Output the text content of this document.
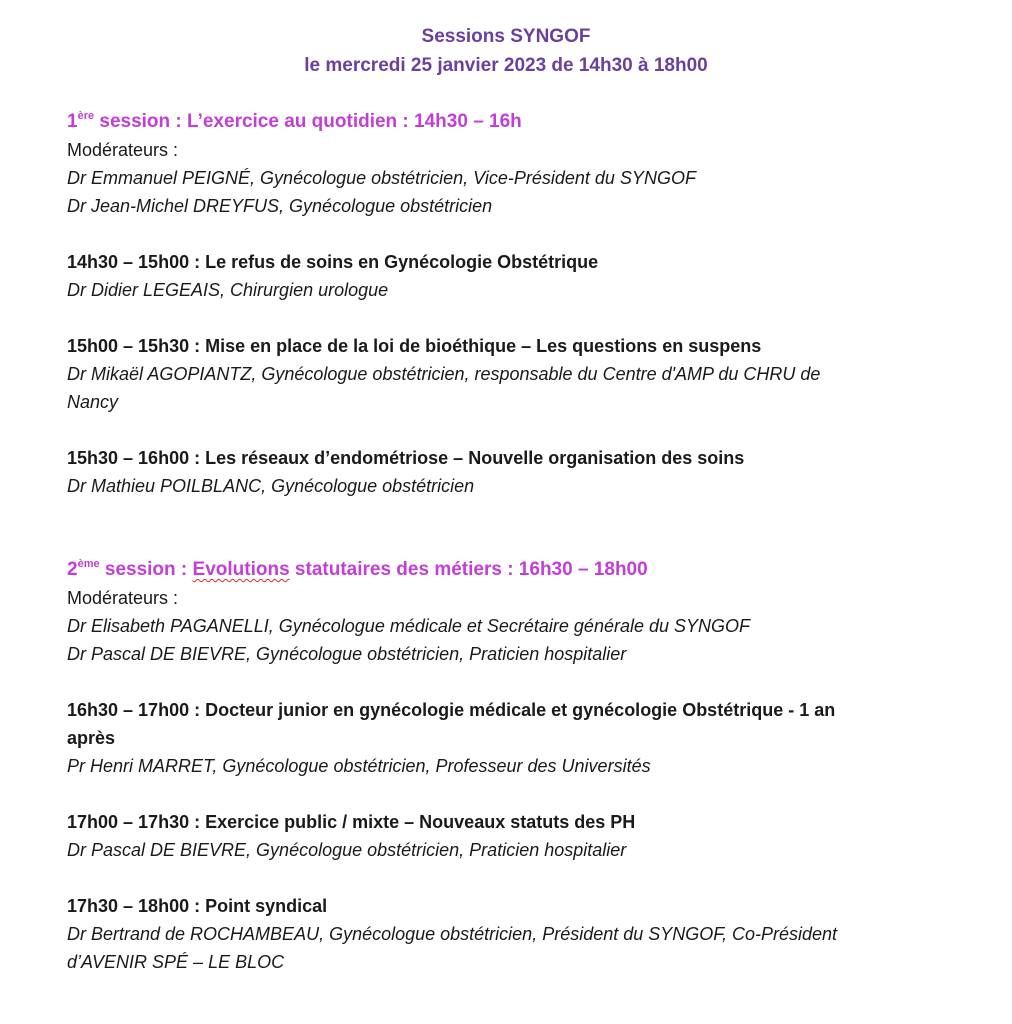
Sessions SYNGOF
le mercredi 25 janvier 2023 de 14h30 à 18h00
1ère session : L’exercice au quotidien : 14h30 – 16h
Modérateurs :
Dr Emmanuel PEIGNÉ, Gynécologue obstétricien, Vice-Président du SYNGOF
Dr Jean-Michel DREYFUS, Gynécologue obstétricien
14h30 – 15h00 : Le refus de soins en Gynécologie Obstétrique
Dr Didier LEGEAIS, Chirurgien urologue
15h00 – 15h30 : Mise en place de la loi de bioéthique – Les questions en suspens
Dr Mikaël AGOPIANTZ, Gynécologue obstétricien, responsable du Centre d'AMP du CHRU de
Nancy
15h30 – 16h00 : Les réseaux d’endométriose – Nouvelle organisation des soins
Dr Mathieu POILBLANC, Gynécologue obstétricien
2ème session : Evolutions statutaires des métiers : 16h30 – 18h00
Modérateurs :
Dr Elisabeth PAGANELLI, Gynécologue médicale et Secrétaire générale du SYNGOF
Dr Pascal DE BIEVRE, Gynécologue obstétricien, Praticien hospitalier
16h30 – 17h00 : Docteur junior en gynécologie médicale et gynécologie Obstétrique - 1 an
après
Pr Henri MARRET, Gynécologue obstétricien, Professeur des Universités
17h00 – 17h30 : Exercice public / mixte – Nouveaux statuts des PH
Dr Pascal DE BIEVRE, Gynécologue obstétricien, Praticien hospitalier
17h30 – 18h00 : Point syndical
Dr Bertrand de ROCHAMBEAU, Gynécologue obstétricien, Président du SYNGOF, Co-Président
d’AVENIR SPÉ – LE BLOC
